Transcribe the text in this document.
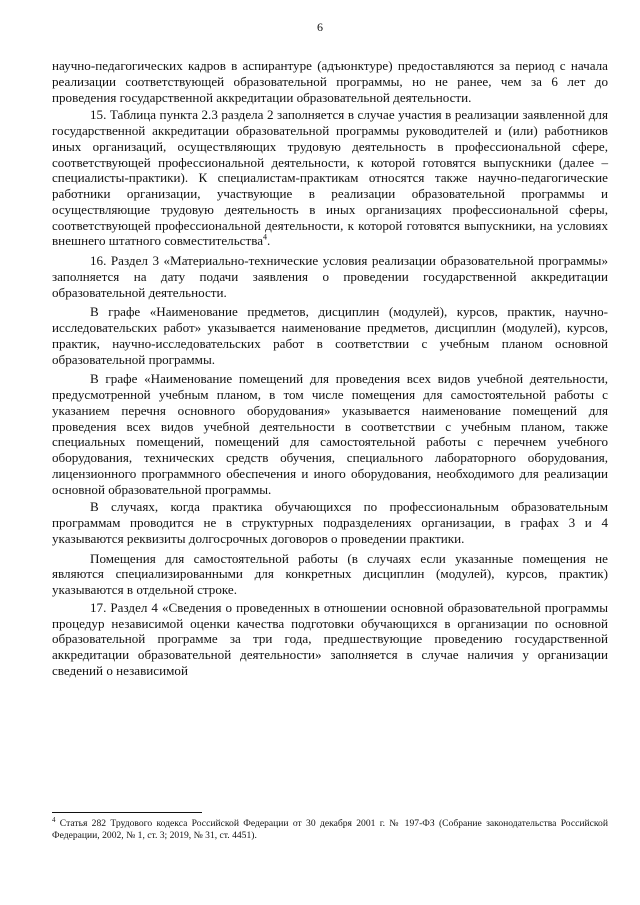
6

научно-педагогических кадров в аспирантуре (адъюнктуре) предоставляются за период с начала реализации соответствующей образовательной программы, но не ранее, чем за 6 лет до проведения государственной аккредитации образовательной деятельности.

15. Таблица пункта 2.3 раздела 2 заполняется в случае участия в реализации заявленной для государственной аккредитации образовательной программы руководителей и (или) работников иных организаций, осуществляющих трудовую деятельность в профессиональной сфере, соответствующей профессиональной деятельности, к которой готовятся выпускники (далее – специалисты-практики). К специалистам-практикам относятся также научно-педагогические работники организации, участвующие в реализации образовательной программы и осуществляющие трудовую деятельность в иных организациях профессиональной сферы, соответствующей профессиональной деятельности, к которой готовятся выпускники, на условиях внешнего штатного совместительства$^4$.

16. Раздел 3 «Материально-технические условия реализации образовательной программы» заполняется на дату подачи заявления о проведении государственной аккредитации образовательной деятельности.

В графе «Наименование предметов, дисциплин (модулей), курсов, практик, научно-исследовательских работ» указывается наименование предметов, дисциплин (модулей), курсов, практик, научно-исследовательских работ в соответствии с учебным планом основной образовательной программы.

В графе «Наименование помещений для проведения всех видов учебной деятельности, предусмотренной учебным планом, в том числе помещения для самостоятельной работы с указанием перечня основного оборудования» указывается наименование помещений для проведения всех видов учебной деятельности в соответствии с учебным планом, также специальных помещений, помещений для самостоятельной работы с перечнем учебного оборудования, технических средств обучения, специального лабораторного оборудования, лицензионного программного обеспечения и иного оборудования, необходимого для реализации основной образовательной программы.

В случаях, когда практика обучающихся по профессиональным образовательным программам проводится не в структурных подразделениях организации, в графах 3 и 4 указываются реквизиты долгосрочных договоров о проведении практики.

Помещения для самостоятельной работы (в случаях если указанные помещения не являются специализированными для конкретных дисциплин (модулей), курсов, практик) указываются в отдельной строке.

17. Раздел 4 «Сведения о проведенных в отношении основной образовательной программы процедур независимой оценки качества подготовки обучающихся в организации по основной образовательной программе за три года, предшествующие проведению государственной аккредитации образовательной деятельности» заполняется в случае наличия у организации сведений о независимой

$^4$ Статья 282 Трудового кодекса Российской Федерации от 30 декабря 2001 г. № 197-ФЗ (Собрание законодательства Российской Федерации, 2002, № 1, ст. 3; 2019, № 31, ст. 4451).
